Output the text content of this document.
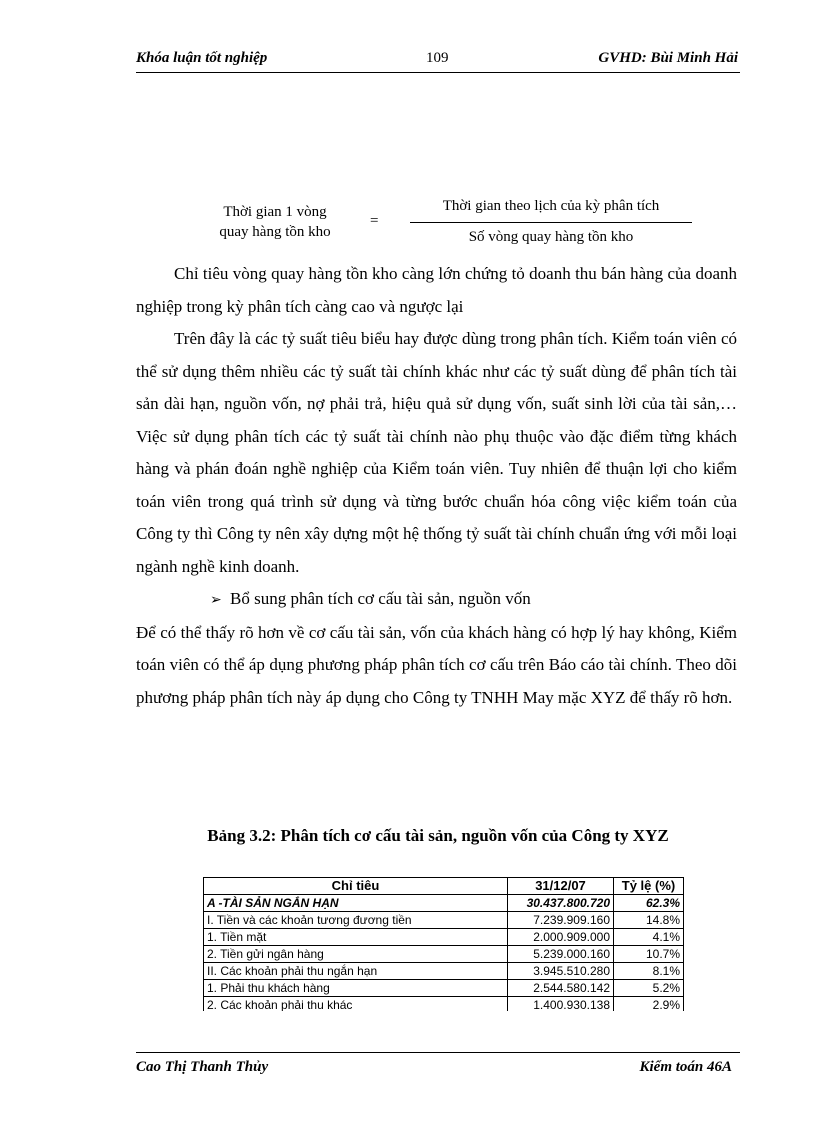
Khóa luận tốt nghiệp	109	GVHD: Bùi Minh Hải
Thời gian 1 vòng
quay hàng tồn kho
=
Thời gian theo lịch của kỳ phân tích
Số vòng quay hàng tồn kho

Chỉ tiêu vòng quay hàng tồn kho càng lớn chứng tỏ doanh thu bán hàng của doanh nghiệp trong kỳ phân tích càng cao và ngược lại

Trên đây là các tỷ suất tiêu biểu hay được dùng trong phân tích. Kiểm toán viên có thể sử dụng thêm nhiều các tỷ suất tài chính khác như các tỷ suất dùng để phân tích tài sản dài hạn, nguồn vốn, nợ phải trả, hiệu quả sử dụng vốn, suất sinh lời của tài sản,… Việc sử dụng phân tích các tỷ suất tài chính nào phụ thuộc vào đặc điểm từng khách hàng và phán đoán nghề nghiệp của Kiểm toán viên. Tuy nhiên để thuận lợi cho kiểm toán viên trong quá trình sử dụng và từng bước chuẩn hóa công việc kiểm toán của Công ty thì Công ty nên xây dựng một hệ thống tỷ suất tài chính chuẩn ứng với mỗi loại ngành nghề kinh doanh.

➢ Bổ sung phân tích cơ cấu tài sản, nguồn vốn

Để có thể thấy rõ hơn về cơ cấu tài sản, vốn của khách hàng có hợp lý hay không, Kiểm toán viên có thể áp dụng phương pháp phân tích cơ cấu trên Báo cáo tài chính. Theo dõi phương pháp phân tích này áp dụng cho Công ty TNHH May mặc XYZ để thấy rõ hơn.

Bảng 3.2: Phân tích cơ cấu tài sản, nguồn vốn của Công ty XYZ
Chỉ tiêu	31/12/07	Tỷ lệ (%)
A -TÀI SẢN NGẮN HẠN	30.437.800.720	62.3%
I. Tiền và các khoản tương đương tiền	7.239.909.160	14.8%
1. Tiền mặt	2.000.909.000	4.1%
2. Tiền gửi ngân hàng	5.239.000.160	10.7%
II. Các khoản phải thu ngắn hạn	3.945.510.280	8.1%
1. Phải thu khách hàng	2.544.580.142	5.2%
2. Các khoản phải thu khác	1.400.930.138	2.9%
Cao Thị Thanh Thủy	Kiểm toán 46A
